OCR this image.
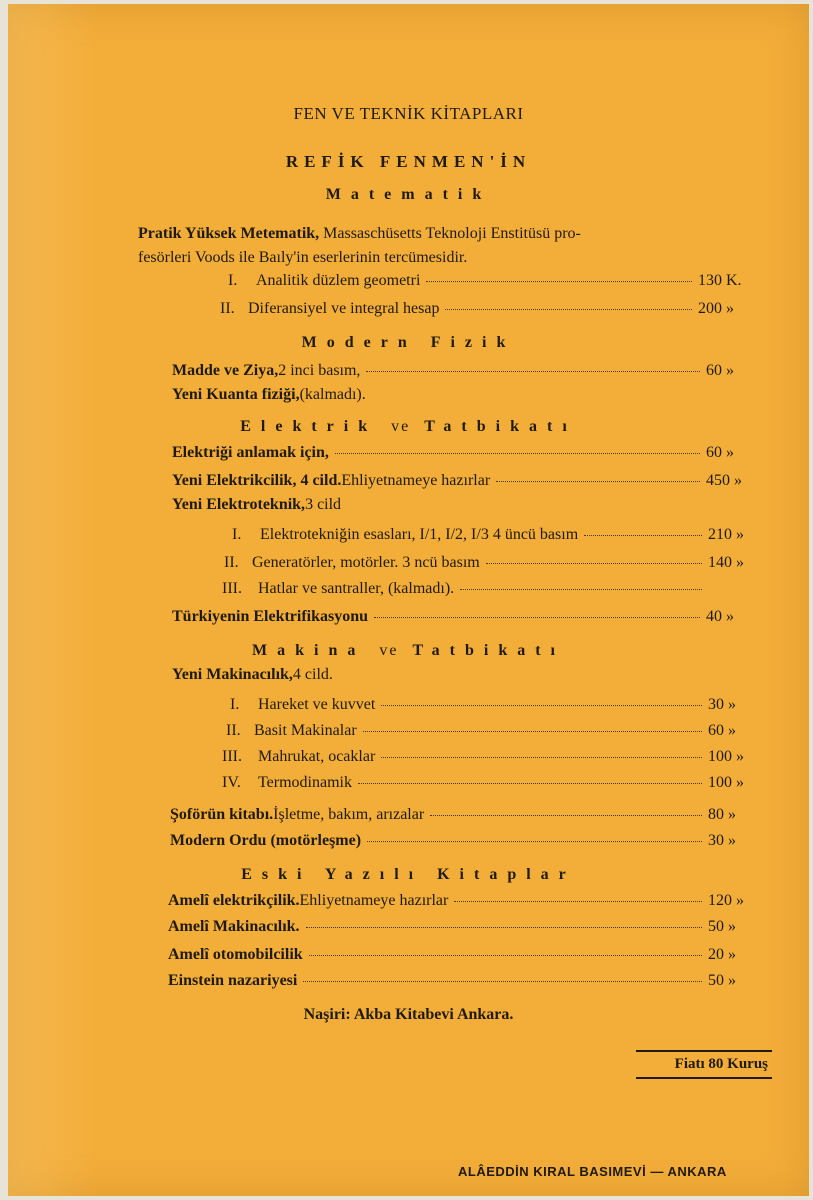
FEN VE TEKNİK KİTAPLARI
REFİK FENMEN'İN
Matematik
Pratik Yüksek Metematik, Massaschüsetts Teknoloji Enstitüsü pro-
fesörleri Voods ile Baıly'in eserlerinin tercümesidir.
I.	Analitik düzlem geometri	130 K.
II. Diferansiyel ve integral hesap	200 »
Modern Fizik
Madde ve Ziya, 2 inci basım,	60 »
Yeni Kuanta fiziği, (kalmadı).
Elektrik ve Tatbikatı
Elektriği anlamak için,	60 »
Yeni Elektrikcilik, 4 cild. Ehliyetnameye hazırlar	450 »
Yeni Elektroteknik, 3 cild
I.	Elektrotekniğin esasları, I/1, I/2, I/3 4 üncü basım	210 »
II. Generatörler, motörler. 3 ncü basım	140 »
III.	Hatlar ve santraller, (kalmadı).
Türkiyenin Elektrifikasyonu	40 »
Makina ve Tatbikatı
Yeni Makinacılık, 4 cild.
I.	Hareket ve kuvvet	30 »
II. Basit Makinalar	60 »
III.	Mahrukat, ocaklar	100 »
IV.	Termodinamik	100 »
Şoförün kitabı. İşletme, bakım, arızalar	80 »
Modern Ordu (motörleşme)	30 »
Eski Yazılı Kitaplar
Amelî elektrikçilik. Ehliyetnameye hazırlar	120 »
Amelî Makinacılık.	50 »
Amelî otomobilcilik	20 »
Einstein nazariyesi	50 »
Naşiri: Akba Kitabevi Ankara.
Fiatı 80 Kuruş
ALÂEDDİN KIRAL BASIMEVİ — ANKARA
